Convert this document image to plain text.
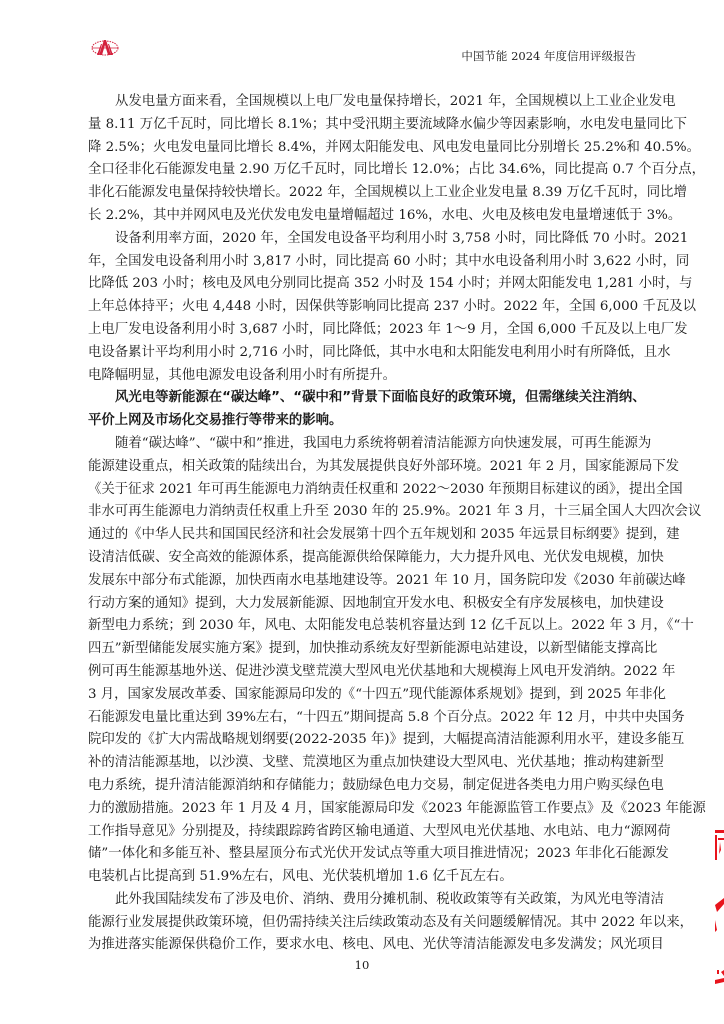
中国节能 2024 年度信用评级报告
从发电量方面来看，全国规模以上电厂发电量保持增长，2021 年，全国规模以上工业企业发电
量 8.11 万亿千瓦时，同比增长 8.1%；其中受汛期主要流域降水偏少等因素影响，水电发电量同比下
降 2.5%；火电发电量同比增长 8.4%，并网太阳能发电、风电发电量同比分别增长 25.2%和 40.5%。
全口径非化石能源发电量 2.90 万亿千瓦时，同比增长 12.0%；占比 34.6%，同比提高 0.7 个百分点，
非化石能源发电量保持较快增长。2022 年，全国规模以上工业企业发电量 8.39 万亿千瓦时，同比增
长 2.2%，其中并网风电及光伏发电发电量增幅超过 16%，水电、火电及核电发电量增速低于 3%。
设备利用率方面，2020 年，全国发电设备平均利用小时 3,758 小时，同比降低 70 小时。2021
年，全国发电设备利用小时 3,817 小时，同比提高 60 小时；其中水电设备利用小时 3,622 小时，同
比降低 203 小时；核电及风电分别同比提高 352 小时及 154 小时；并网太阳能发电 1,281 小时，与
上年总体持平；火电 4,448 小时，因保供等影响同比提高 237 小时。2022 年，全国 6,000 千瓦及以
上电厂发电设备利用小时 3,687 小时，同比降低；2023 年 1～9 月，全国 6,000 千瓦及以上电厂发
电设备累计平均利用小时 2,716 小时，同比降低，其中水电和太阳能发电利用小时有所降低，且水
电降幅明显，其他电源发电设备利用小时有所提升。
风光电等新能源在“碳达峰”、“碳中和”背景下面临良好的政策环境，但需继续关注消纳、
平价上网及市场化交易推行等带来的影响。
随着“碳达峰”、“碳中和”推进，我国电力系统将朝着清洁能源方向快速发展，可再生能源为
能源建设重点，相关政策的陆续出台，为其发展提供良好外部环境。2021 年 2 月，国家能源局下发
《关于征求 2021 年可再生能源电力消纳责任权重和 2022～2030 年预期目标建议的函》，提出全国
非水可再生能源电力消纳责任权重上升至 2030 年的 25.9%。2021 年 3 月，十三届全国人大四次会议
通过的《中华人民共和国国民经济和社会发展第十四个五年规划和 2035 年远景目标纲要》提到，建
设清洁低碳、安全高效的能源体系，提高能源供给保障能力，大力提升风电、光伏发电规模，加快
发展东中部分布式能源，加快西南水电基地建设等。2021 年 10 月，国务院印发《2030 年前碳达峰
行动方案的通知》提到，大力发展新能源、因地制宜开发水电、积极安全有序发展核电，加快建设
新型电力系统；到 2030 年，风电、太阳能发电总装机容量达到 12 亿千瓦以上。2022 年 3 月，《“十
四五”新型储能发展实施方案》提到，加快推动系统友好型新能源电站建设，以新型储能支撑高比
例可再生能源基地外送、促进沙漠戈壁荒漠大型风电光伏基地和大规模海上风电开发消纳。2022 年
3 月，国家发展改革委、国家能源局印发的《“十四五”现代能源体系规划》提到，到 2025 年非化
石能源发电量比重达到 39%左右，“十四五”期间提高 5.8 个百分点。2022 年 12 月，中共中央国务
院印发的《扩大内需战略规划纲要(2022-2035 年)》提到，大幅提高清洁能源利用水平，建设多能互
补的清洁能源基地，以沙漠、戈壁、荒漠地区为重点加快建设大型风电、光伏基地；推动构建新型
电力系统，提升清洁能源消纳和存储能力；鼓励绿色电力交易，制定促进各类电力用户购买绿色电
力的激励措施。2023 年 1 月及 4 月，国家能源局印发《2023 年能源监管工作要点》及《2023 年能源
工作指导意见》分别提及，持续跟踪跨省跨区输电通道、大型风电光伏基地、水电站、电力“源网荷
储”一体化和多能互补、整县屋顶分布式光伏开发试点等重大项目推进情况；2023 年非化石能源发
电装机占比提高到 51.9%左右，风电、光伏装机增加 1.6 亿千瓦左右。
此外我国陆续发布了涉及电价、消纳、费用分摊机制、税收政策等有关政策，为风光电等清洁
能源行业发展提供政策环境，但仍需持续关注后续政策动态及有关问题缓解情况。其中 2022 年以来，
为推进落实能源保供稳价工作，要求水电、核电、风电、光伏等清洁能源发电多发满发；风光项目
10
